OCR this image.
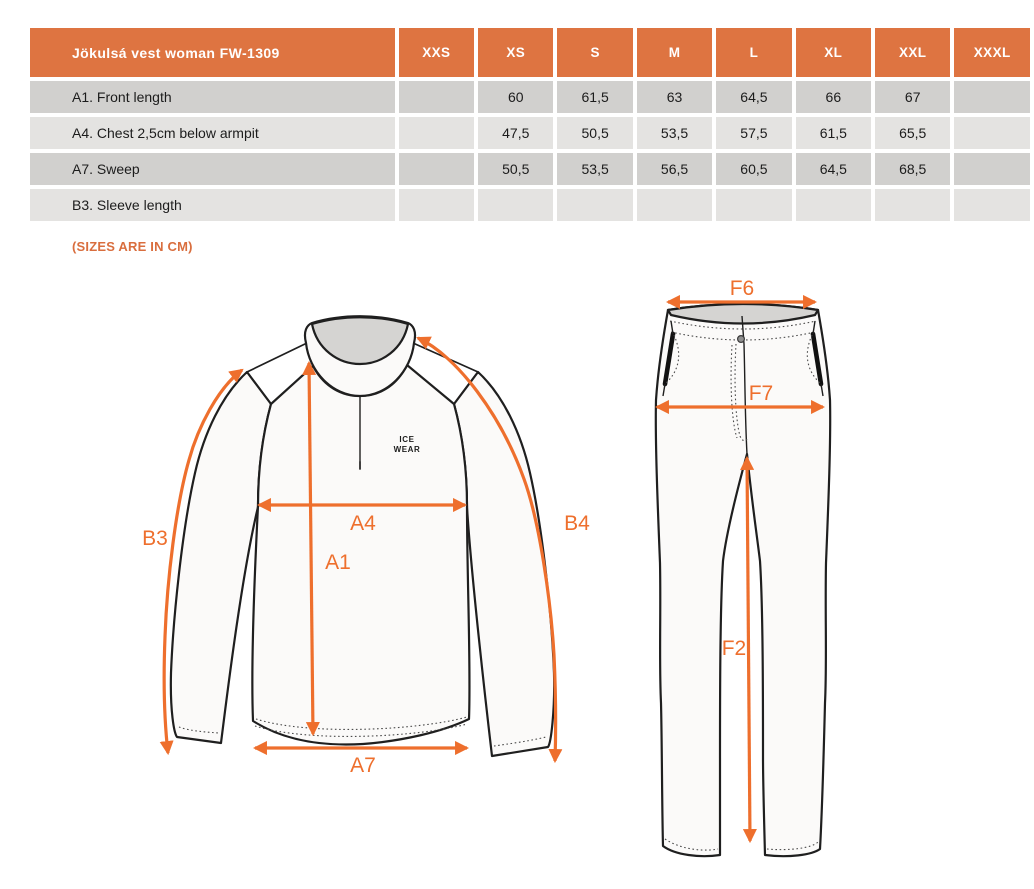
Jökulsá vest woman FW-1309	XXS	XS	S	M	L	XL	XXL	XXXL
A1. Front length		60	61,5	63	64,5	66	67	
A4. Chest 2,5cm below armpit		47,5	50,5	53,5	57,5	61,5	65,5	
A7. Sweep		50,5	53,5	56,5	60,5	64,5	68,5	
B3. Sleeve length								
(SIZES ARE IN CM)
ICE
WEAR
B3
A1
A4	B4
A7
F6
F7
F2
